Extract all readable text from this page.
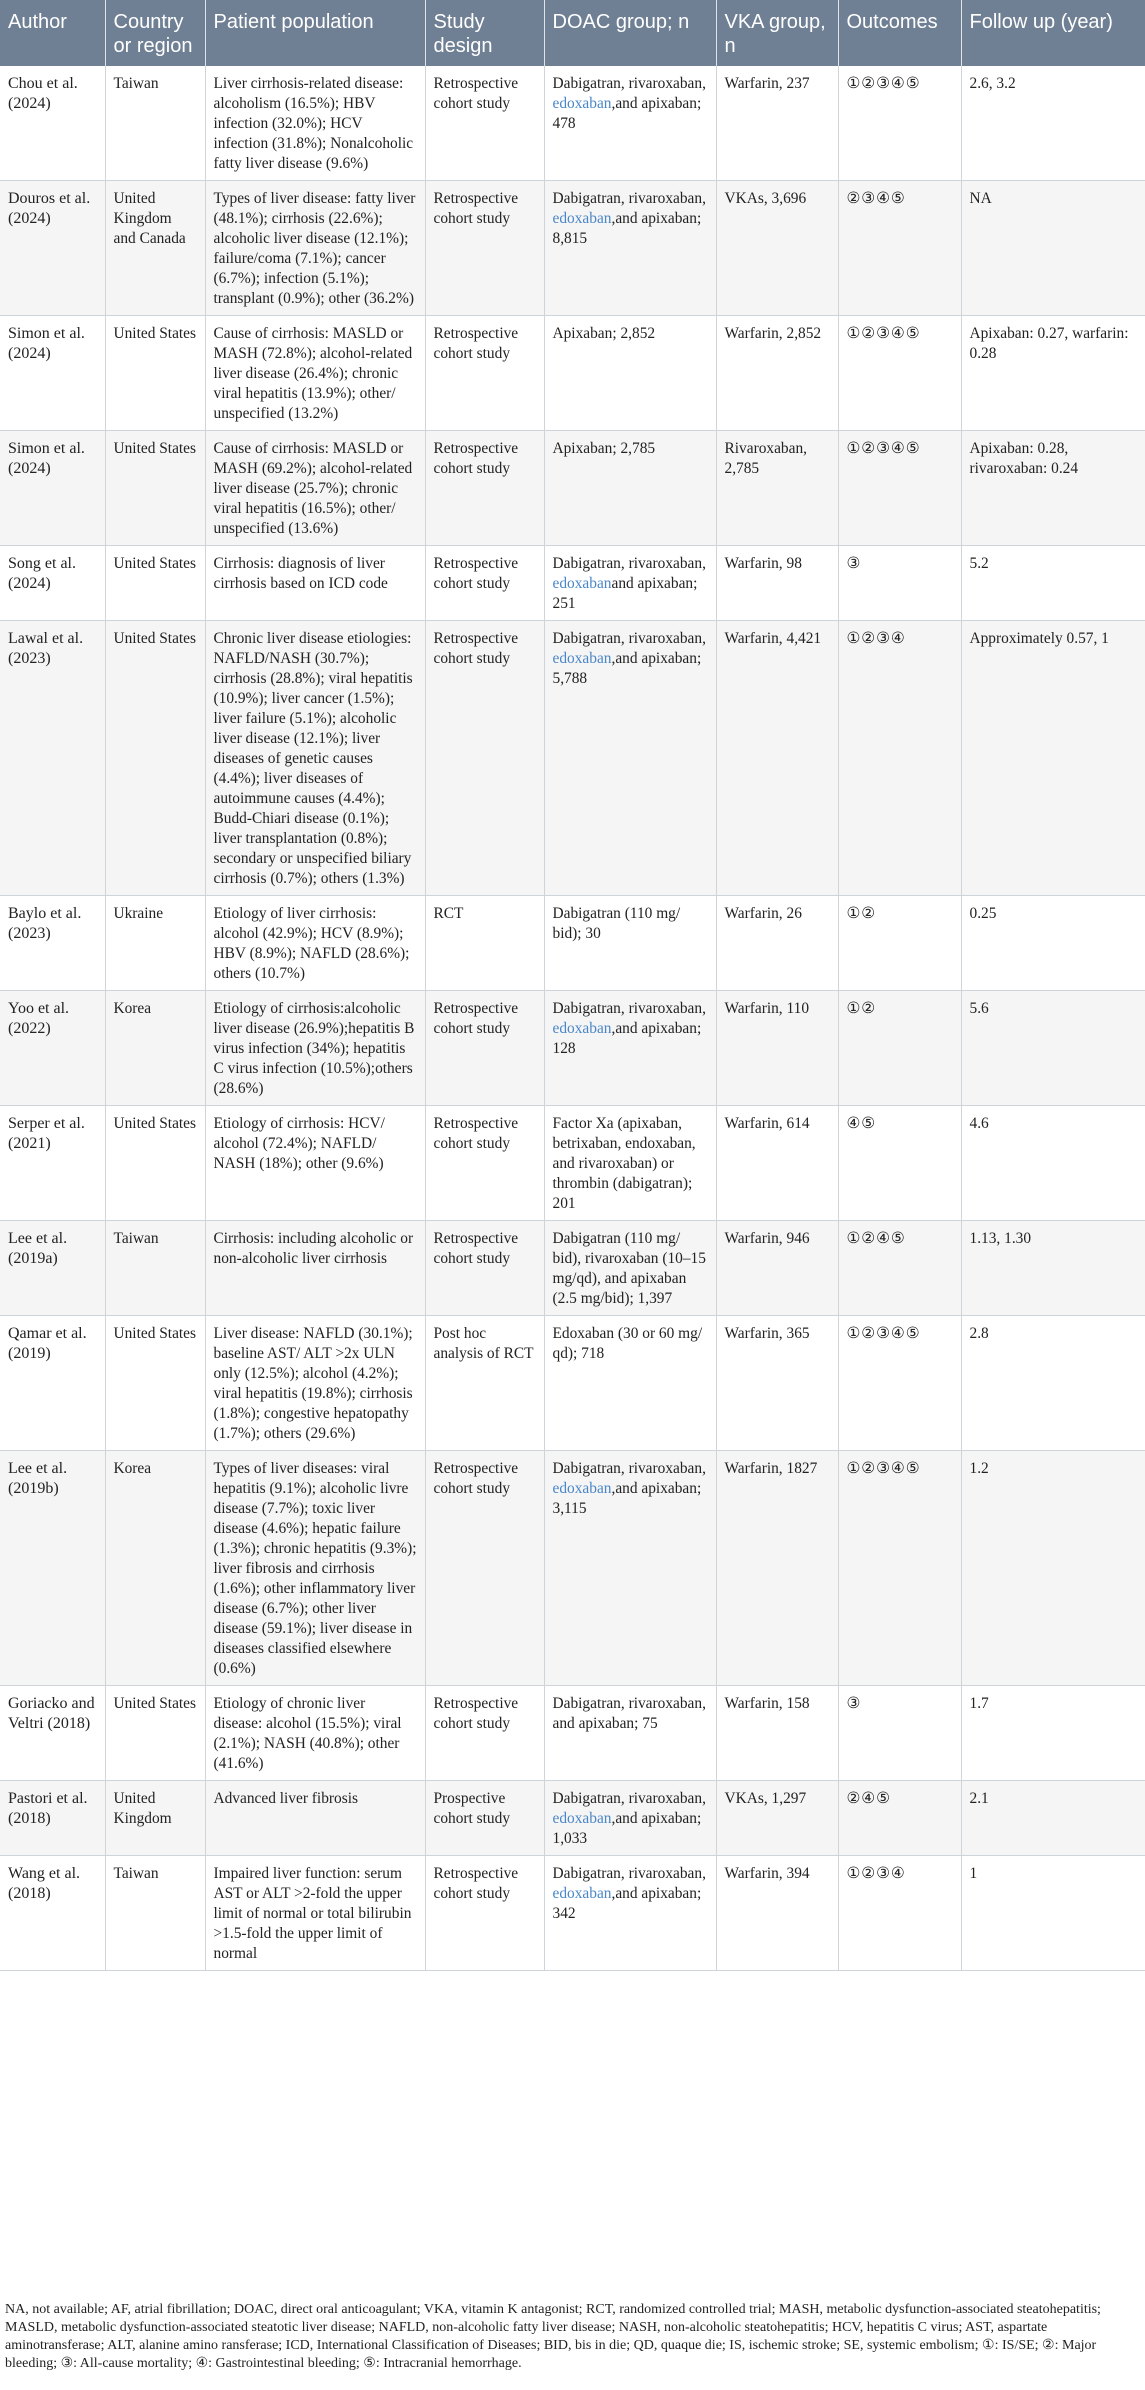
Author	Country or region	Patient population	Study design	DOAC group; n	VKA group, n	Outcomes	Follow up (year)
Chou et al. (2024)	Taiwan	Liver cirrhosis-related disease: alcoholism (16.5%); HBV infection (32.0%); HCV infection (31.8%); Nonalcoholic fatty liver disease (9.6%)	Retrospective cohort study	Dabigatran, rivaroxaban, edoxaban,and apixaban; 478	Warfarin, 237	①②③④⑤	2.6, 3.2
Douros et al. (2024)	United Kingdom and Canada	Types of liver disease: fatty liver (48.1%); cirrhosis (22.6%); alcoholic liver disease (12.1%); failure/coma (7.1%); cancer (6.7%); infection (5.1%); transplant (0.9%); other (36.2%)	Retrospective cohort study	Dabigatran, rivaroxaban, edoxaban,and apixaban; 8,815	VKAs, 3,696	②③④⑤	NA
Simon et al. (2024)	United States	Cause of cirrhosis: MASLD or MASH (72.8%); alcohol-related liver disease (26.4%); chronic viral hepatitis (13.9%); other/ unspecified (13.2%)	Retrospective cohort study	Apixaban; 2,852	Warfarin, 2,852	①②③④⑤	Apixaban: 0.27, warfarin: 0.28
Simon et al. (2024)	United States	Cause of cirrhosis: MASLD or MASH (69.2%); alcohol-related liver disease (25.7%); chronic viral hepatitis (16.5%); other/ unspecified (13.6%)	Retrospective cohort study	Apixaban; 2,785	Rivaroxaban, 2,785	①②③④⑤	Apixaban: 0.28, rivaroxaban: 0.24
Song et al. (2024)	United States	Cirrhosis: diagnosis of liver cirrhosis based on ICD code	Retrospective cohort study	Dabigatran, rivaroxaban, edoxabanand apixaban; 251	Warfarin, 98	③	5.2
Lawal et al. (2023)	United States	Chronic liver disease etiologies: NAFLD/NASH (30.7%); cirrhosis (28.8%); viral hepatitis (10.9%); liver cancer (1.5%); liver failure (5.1%); alcoholic liver disease (12.1%); liver diseases of genetic causes (4.4%); liver diseases of autoimmune causes (4.4%); Budd-Chiari disease (0.1%); liver transplantation (0.8%); secondary or unspecified biliary cirrhosis (0.7%); others (1.3%)	Retrospective cohort study	Dabigatran, rivaroxaban, edoxaban,and apixaban; 5,788	Warfarin, 4,421	①②③④	Approximately 0.57, 1
Baylo et al. (2023)	Ukraine	Etiology of liver cirrhosis: alcohol (42.9%); HCV (8.9%); HBV (8.9%); NAFLD (28.6%); others (10.7%)	RCT	Dabigatran (110 mg/ bid); 30	Warfarin, 26	①②	0.25
Yoo et al. (2022)	Korea	Etiology of cirrhosis:alcoholic liver disease (26.9%);hepatitis B virus infection (34%); hepatitis C virus infection (10.5%);others (28.6%)	Retrospective cohort study	Dabigatran, rivaroxaban, edoxaban,and apixaban; 128	Warfarin, 110	①②	5.6
Serper et al. (2021)	United States	Etiology of cirrhosis: HCV/ alcohol (72.4%); NAFLD/ NASH (18%); other (9.6%)	Retrospective cohort study	Factor Xa (apixaban, betrixaban, endoxaban, and rivaroxaban) or thrombin (dabigatran); 201	Warfarin, 614	④⑤	4.6
Lee et al. (2019a)	Taiwan	Cirrhosis: including alcoholic or non-alcoholic liver cirrhosis	Retrospective cohort study	Dabigatran (110 mg/ bid), rivaroxaban (10–15 mg/qd), and apixaban (2.5 mg/bid); 1,397	Warfarin, 946	①②④⑤	1.13, 1.30
Qamar et al. (2019)	United States	Liver disease: NAFLD (30.1%); baseline AST/ ALT >2x ULN only (12.5%); alcohol (4.2%); viral hepatitis (19.8%); cirrhosis (1.8%); congestive hepatopathy (1.7%); others (29.6%)	Post hoc analysis of RCT	Edoxaban (30 or 60 mg/ qd); 718	Warfarin, 365	①②③④⑤	2.8
Lee et al. (2019b)	Korea	Types of liver diseases: viral hepatitis (9.1%); alcoholic livre disease (7.7%); toxic liver disease (4.6%); hepatic failure (1.3%); chronic hepatitis (9.3%); liver fibrosis and cirrhosis (1.6%); other inflammatory liver disease (6.7%); other liver disease (59.1%); liver disease in diseases classified elsewhere (0.6%)	Retrospective cohort study	Dabigatran, rivaroxaban, edoxaban,and apixaban; 3,115	Warfarin, 1827	①②③④⑤	1.2
Goriacko and Veltri (2018)	United States	Etiology of chronic liver disease: alcohol (15.5%); viral (2.1%); NASH (40.8%); other (41.6%)	Retrospective cohort study	Dabigatran, rivaroxaban, and apixaban; 75	Warfarin, 158	③	1.7
Pastori et al. (2018)	United Kingdom	Advanced liver fibrosis	Prospective cohort study	Dabigatran, rivaroxaban, edoxaban,and apixaban; 1,033	VKAs, 1,297	②④⑤	2.1
Wang et al. (2018)	Taiwan	Impaired liver function: serum AST or ALT >2-fold the upper limit of normal or total bilirubin >1.5-fold the upper limit of normal	Retrospective cohort study	Dabigatran, rivaroxaban, edoxaban,and apixaban; 342	Warfarin, 394	①②③④	1
NA, not available; AF, atrial fibrillation; DOAC, direct oral anticoagulant; VKA, vitamin K antagonist; RCT, randomized controlled trial; MASH, metabolic dysfunction-associated steatohepatitis; MASLD, metabolic dysfunction-associated steatotic liver disease; NAFLD, non-alcoholic fatty liver disease; NASH, non-alcoholic steatohepatitis; HCV, hepatitis C virus; AST, aspartate aminotransferase; ALT, alanine amino ransferase; ICD, International Classification of Diseases; BID, bis in die; QD, quaque die; IS, ischemic stroke; SE, systemic embolism; ①: IS/SE; ②: Major bleeding; ③: All-cause mortality; ④: Gastrointestinal bleeding; ⑤: Intracranial hemorrhage.
